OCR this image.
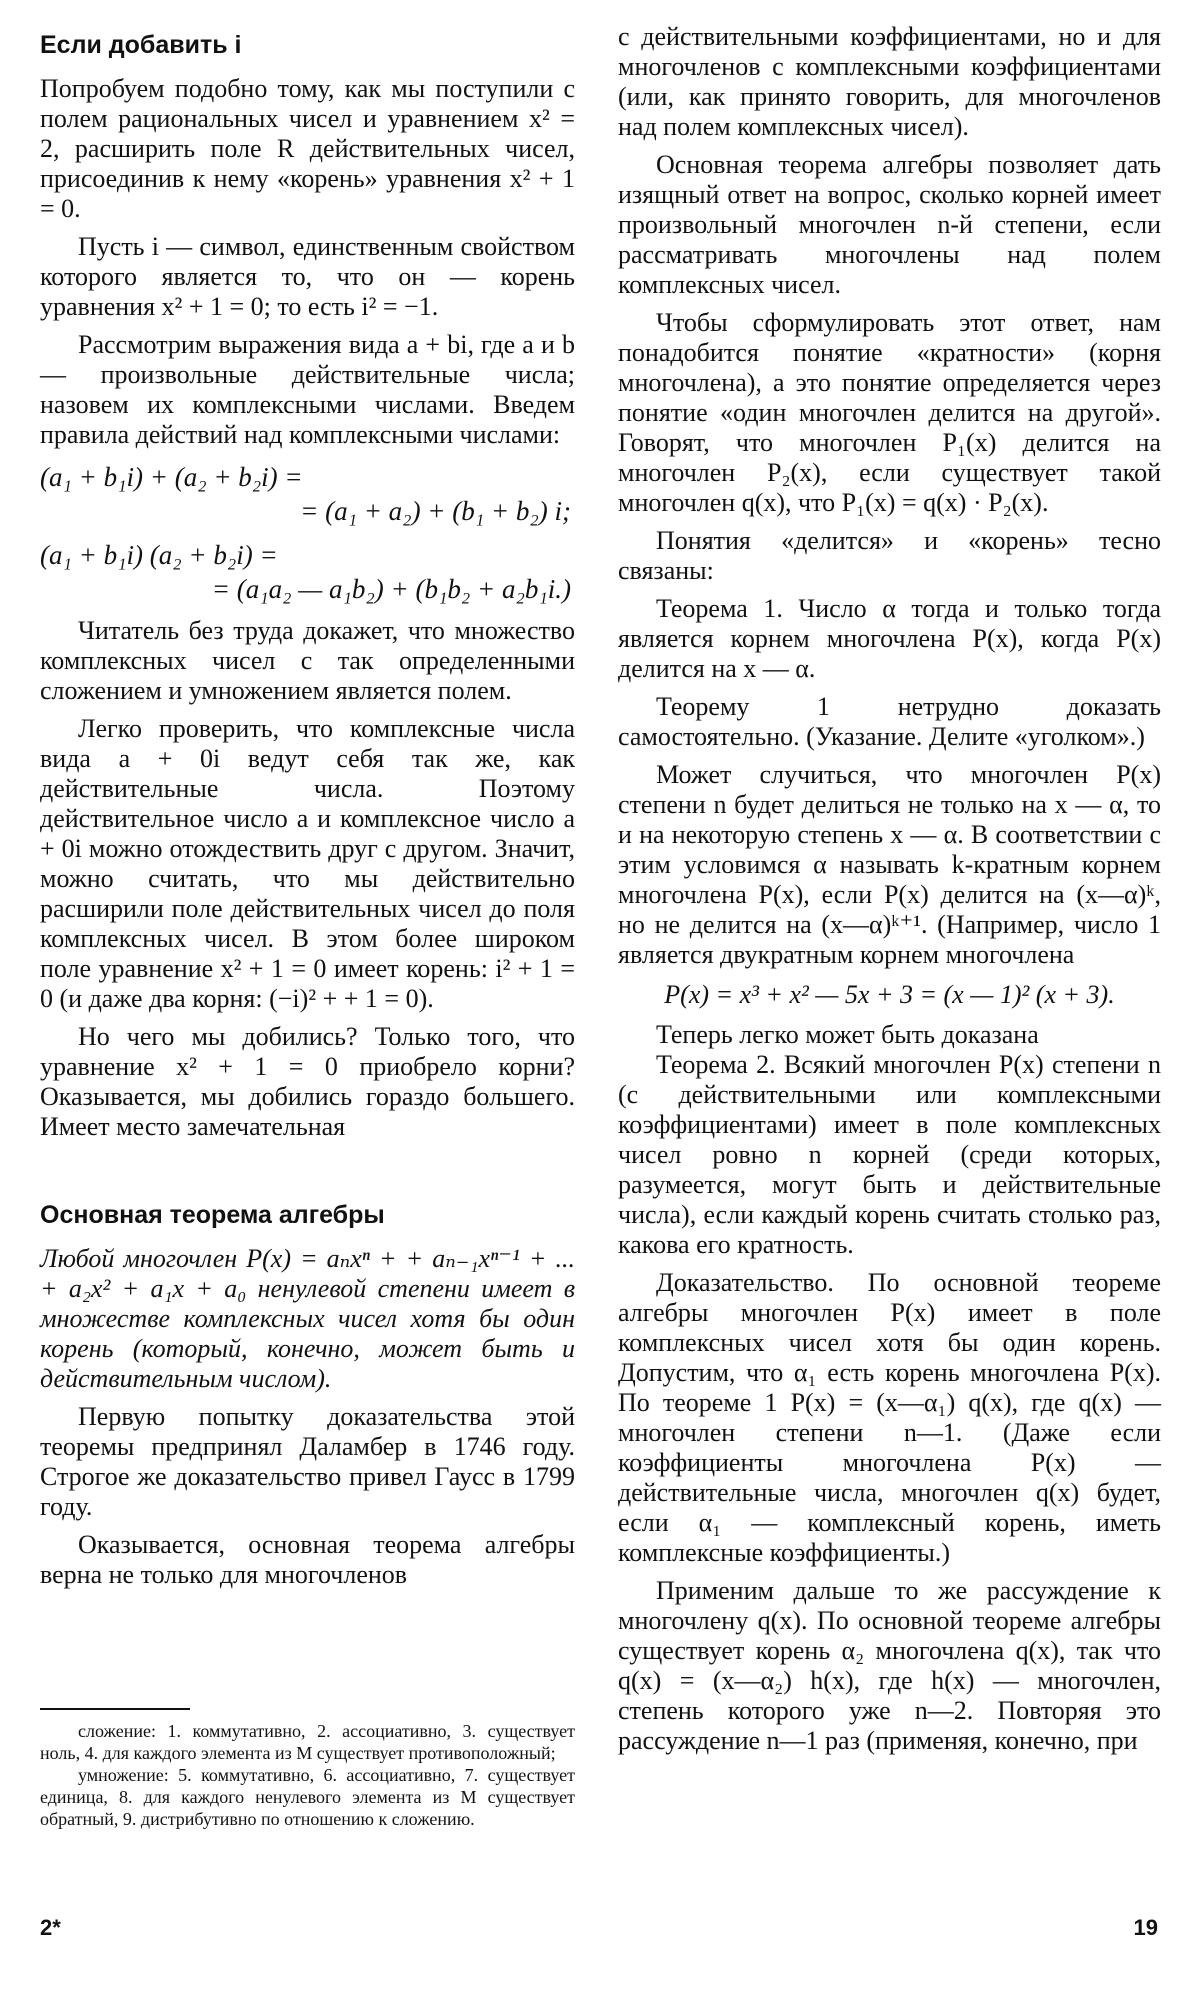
Если добавить i

Попробуем подобно тому, как мы поступили с полем рациональных чисел и уравнением x² = 2, расширить поле R действительных чисел, присоединив к нему «корень» уравнения x² + 1 = 0.

Пусть i — символ, единственным свойством которого является то, что он — корень уравнения x² + 1 = 0; то есть i² = −1.

Рассмотрим выражения вида a + bi, где a и b — произвольные действительные числа; назовем их комплексными числами. Введем правила действий над комплексными числами:

(a₁ + b₁i) + (a₂ + b₂i) =
= (a₁ + a₂) + (b₁ + b₂) i;
(a₁ + b₁i) (a₂ + b₂i) =
= (a₁a₂ — a₁b₂) + (b₁b₂ + a₂b₁i.)

Читатель без труда докажет, что множество комплексных чисел с так определенными сложением и умножением является полем.

Легко проверить, что комплексные числа вида a + 0i ведут себя так же, как действительные числа. Поэтому действительное число a и комплексное число a + 0i можно отождествить друг с другом. Значит, можно считать, что мы действительно расширили поле действительных чисел до поля комплексных чисел. В этом более широком поле уравнение x² + 1 = 0 имеет корень: i² + 1 = 0 (и даже два корня: (−i)² + + 1 = 0).

Но чего мы добились? Только того, что уравнение x² + 1 = 0 приобрело корни? Оказывается, мы добились гораздо большего. Имеет место замечательная

Основная теорема алгебры

Любой многочлен P(x) = aₙxⁿ + + aₙ₋₁xⁿ⁻¹ + ... + a₂x² + a₁x + a₀ ненулевой степени имеет в множестве комплексных чисел хотя бы один корень (который, конечно, может быть и действительным числом).

Первую попытку доказательства этой теоремы предпринял Даламбер в 1746 году. Строгое же доказательство привел Гаусс в 1799 году.

Оказывается, основная теорема алгебры верна не только для многочленов

сложение: 1. коммутативно, 2. ассоциативно, 3. существует ноль, 4. для каждого элемента из M существует противоположный;

умножение: 5. коммутативно, 6. ассоциативно, 7. существует единица, 8. для каждого ненулевого элемента из M существует обратный, 9. дистрибутивно по отношению к сложению.

с действительными коэффициентами, но и для многочленов с комплексными коэффициентами (или, как принято говорить, для многочленов над полем комплексных чисел).

Основная теорема алгебры позволяет дать изящный ответ на вопрос, сколько корней имеет произвольный многочлен n-й степени, если рассматривать многочлены над полем комплексных чисел.

Чтобы сформулировать этот ответ, нам понадобится понятие «кратности» (корня многочлена), а это понятие определяется через понятие «один многочлен делится на другой». Говорят, что многочлен P₁(x) делится на многочлен P₂(x), если существует такой многочлен q(x), что P₁(x) = q(x) · P₂(x).

Понятия «делится» и «корень» тесно связаны:

Теорема 1. Число α тогда и только тогда является корнем многочлена P(x), когда P(x) делится на x — α.

Теорему 1 нетрудно доказать самостоятельно. (Указание. Делите «уголком».)

Может случиться, что многочлен P(x) степени n будет делиться не только на x — α, то и на некоторую степень x — α. В соответствии с этим условимся α называть k-кратным корнем многочлена P(x), если P(x) делится на (x—α)ᵏ, но не делится на (x—α)ᵏ⁺¹. (Например, число 1 является двукратным корнем многочлена

P(x) = x³ + x² — 5x + 3 = (x — 1)² (x + 3).

Теперь легко может быть доказана

Теорема 2. Всякий многочлен P(x) степени n (с действительными или комплексными коэффициентами) имеет в поле комплексных чисел ровно n корней (среди которых, разумеется, могут быть и действительные числа), если каждый корень считать столько раз, какова его кратность.

Доказательство. По основной теореме алгебры многочлен P(x) имеет в поле комплексных чисел хотя бы один корень. Допустим, что α₁ есть корень многочлена P(x). По теореме 1 P(x) = (x—α₁) q(x), где q(x) — многочлен степени n—1. (Даже если коэффициенты многочлена P(x) — действительные числа, многочлен q(x) будет, если α₁ — комплексный корень, иметь комплексные коэффициенты.)

Применим дальше то же рассуждение к многочлену q(x). По основной теореме алгебры существует корень α₂ многочлена q(x), так что q(x) = (x—α₂) h(x), где h(x) — многочлен, степень которого уже n—2. Повторяя это рассуждение n—1 раз (применяя, конечно, при

2*	19
